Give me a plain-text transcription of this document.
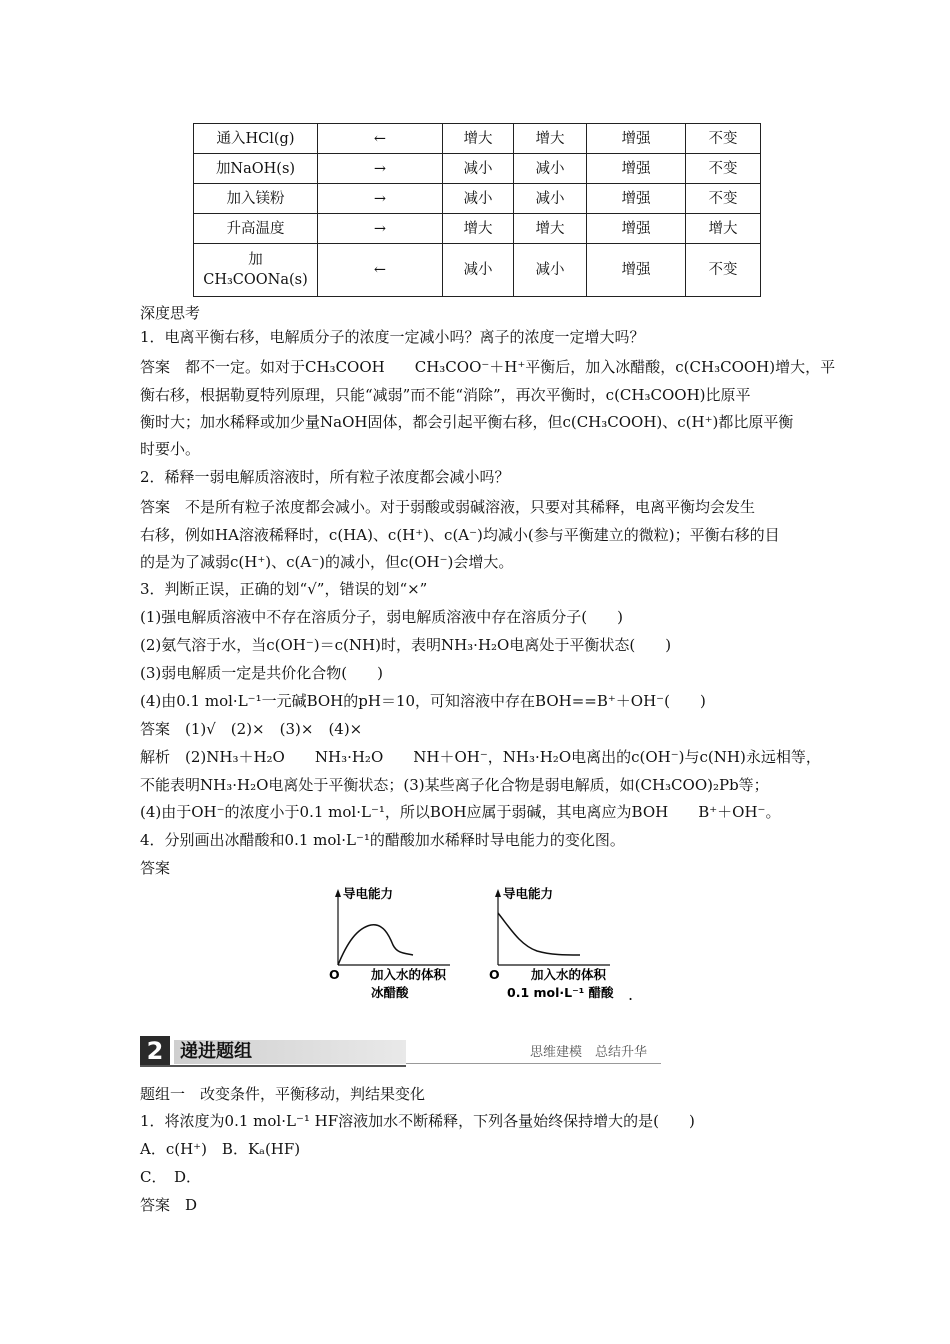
通入HCl(g)	←	增大	增大	增强	不变
加NaOH(s)	→	减小	减小	增强	不变
加入镁粉	→	减小	减小	增强	不变
升高温度	→	增大	增大	增强	增大

加
CH₃COONa(s)	←	减小	减小	增强	不变
深度思考
1．电离平衡右移，电解质分子的浓度一定减小吗？离子的浓度一定增大吗？
答案　都不一定。如对于CH₃COOH　　CH₃COO⁻＋H⁺平衡后，加入冰醋酸，c(CH₃COOH)增大，平
衡右移，根据勒夏特列原理，只能“减弱”而不能“消除”，再次平衡时，c(CH₃COOH)比原平
衡时大；加水稀释或加少量NaOH固体，都会引起平衡右移，但c(CH₃COOH)、c(H⁺)都比原平衡
时要小。
2．稀释一弱电解质溶液时，所有粒子浓度都会减小吗？
答案　不是所有粒子浓度都会减小。对于弱酸或弱碱溶液，只要对其稀释，电离平衡均会发生
右移，例如HA溶液稀释时，c(HA)、c(H⁺)、c(A⁻)均减小(参与平衡建立的微粒)；平衡右移的目
的是为了减弱c(H⁺)、c(A⁻)的减小，但c(OH⁻)会增大。
3．判断正误，正确的划“√”，错误的划“×”
(1)强电解质溶液中不存在溶质分子，弱电解质溶液中存在溶质分子(　　)
(2)氨气溶于水，当c(OH⁻)＝c(NH)时，表明NH₃·H₂O电离处于平衡状态(　　)
(3)弱电解质一定是共价化合物(　　)
(4)由0.1 mol·L⁻¹一元碱BOH的pH＝10，可知溶液中存在BOH==B⁺＋OH⁻(　　)
答案　(1)√　(2)×　(3)×　(4)×
解析　(2)NH₃＋H₂O　　NH₃·H₂O　　NH＋OH⁻，NH₃·H₂O电离出的c(OH⁻)与c(NH)永远相等，
不能表明NH₃·H₂O电离处于平衡状态；(3)某些离子化合物是弱电解质，如(CH₃COO)₂Pb等；
(4)由于OH⁻的浓度小于0.1 mol·L⁻¹，所以BOH应属于弱碱，其电离应为BOH　　B⁺＋OH⁻。
4．分别画出冰醋酸和0.1 mol·L⁻¹的醋酸加水稀释时导电能力的变化图。
答案
导电能力
O	加入水的体积
冰醋酸
导电能力
O	加入水的体积
0.1 mol·L⁻¹ 醋酸 .
2 递进题组	思维建模　总结升华
题组一　改变条件，平衡移动，判结果变化
1．将浓度为0.1 mol·L⁻¹ HF溶液加水不断稀释，下列各量始终保持增大的是(　　)
A．c(H⁺)　B．Kₐ(HF)
C．　D．
答案　D
